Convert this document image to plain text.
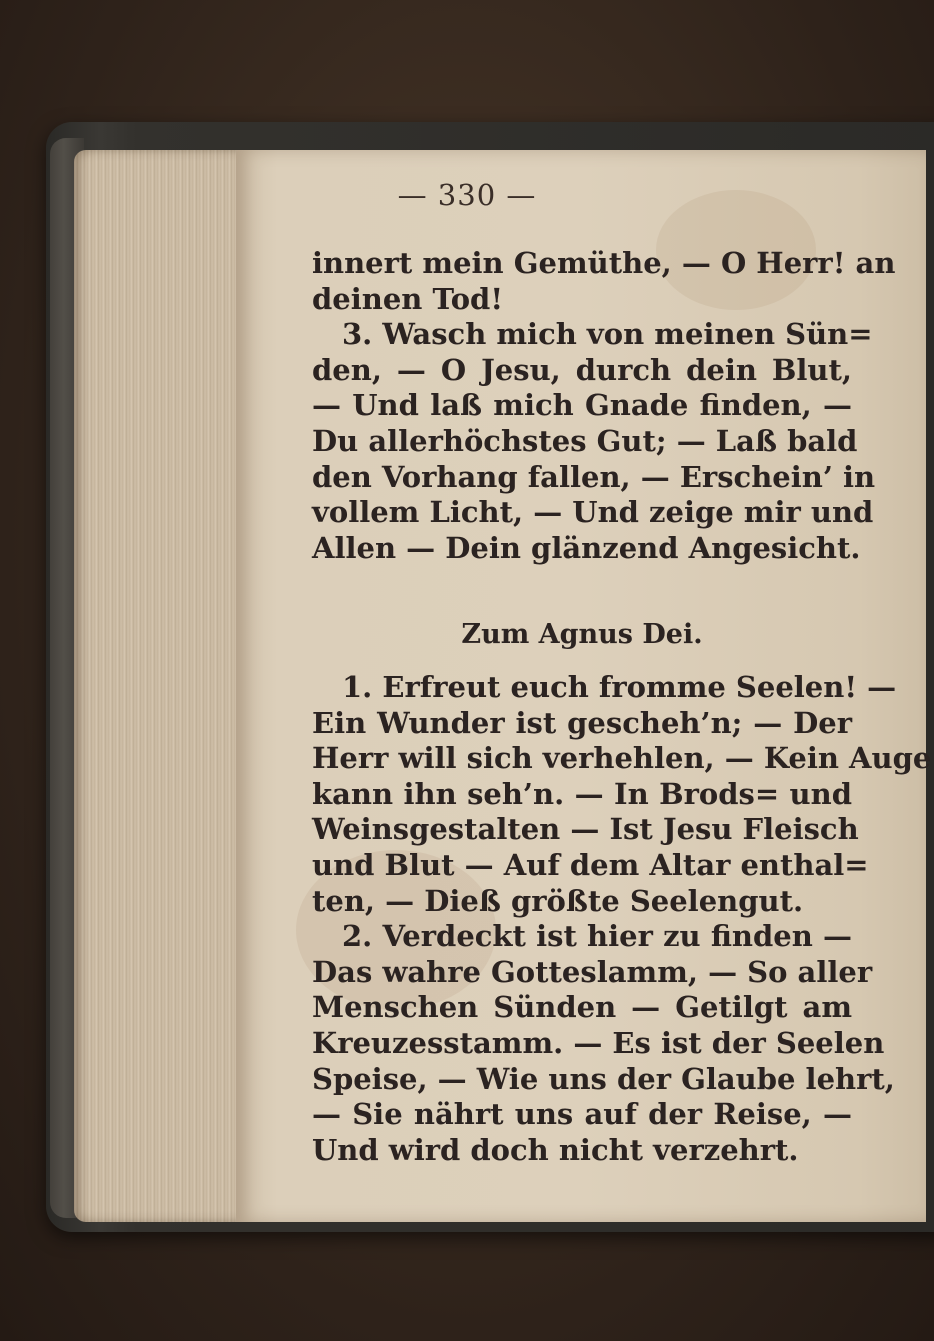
— 330 —
innert mein Gemüthe, — O Herr! an
deinen Tod!
3. Wasch mich von meinen Sün=
den, — O Jesu, durch dein Blut,
— Und laß mich Gnade finden, —
Du allerhöchstes Gut; — Laß bald
den Vorhang fallen, — Erschein’ in
vollem Licht, — Und zeige mir und
Allen — Dein glänzend Angesicht.
Zum Agnus Dei.
1. Erfreut euch fromme Seelen! —
Ein Wunder ist gescheh’n; — Der
Herr will sich verhehlen, — Kein Auge
kann ihn seh’n. — In Brods= und
Weinsgestalten — Ist Jesu Fleisch
und Blut — Auf dem Altar enthal=
ten, — Dieß größte Seelengut.
2. Verdeckt ist hier zu finden —
Das wahre Gotteslamm, — So aller
Menschen Sünden — Getilgt am
Kreuzesstamm. — Es ist der Seelen
Speise, — Wie uns der Glaube lehrt,
— Sie nährt uns auf der Reise, —
Und wird doch nicht verzehrt.
